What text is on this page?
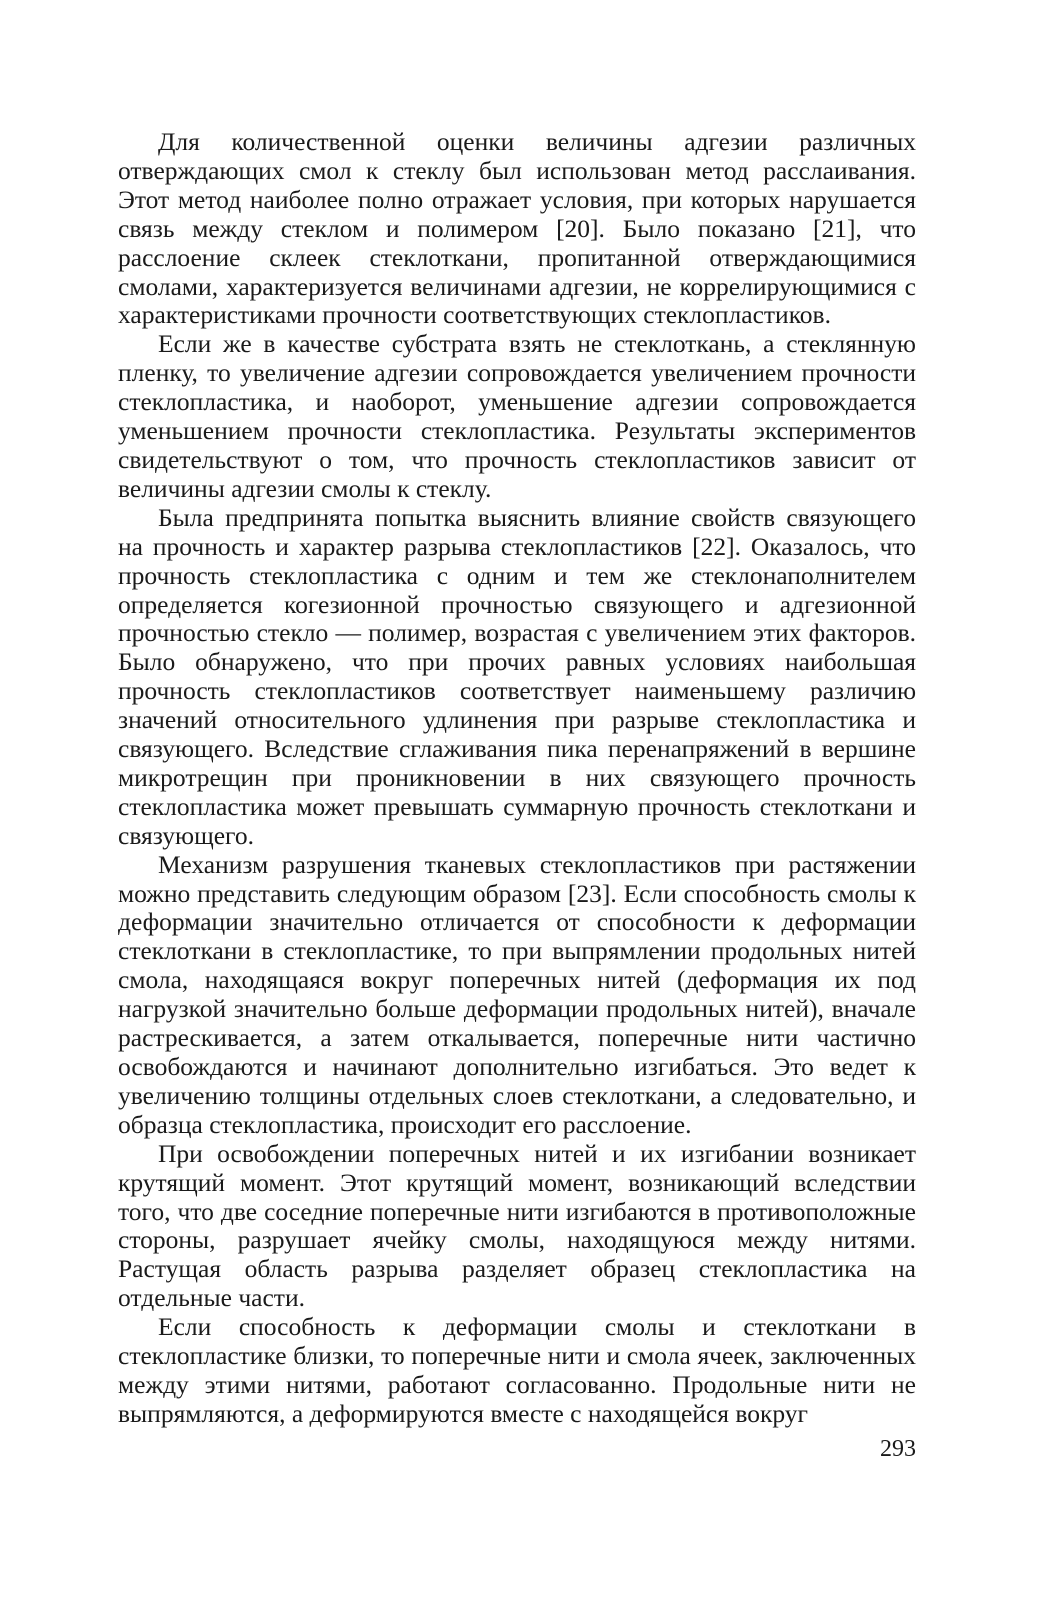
Для количественной оценки величины адгезии различных отверждающих смол к стеклу был использован метод расслаивания. Этот метод наиболее полно отражает условия, при которых нарушается связь между стеклом и полимером [20]. Было показано [21], что расслоение склеек стеклоткани, пропитанной отверждающимися смолами, характеризуется величинами адгезии, не коррелирующимися с характеристиками прочности соответствующих стеклопластиков.

Если же в качестве субстрата взять не стеклоткань, а стеклянную пленку, то увеличение адгезии сопровождается увеличением прочности стеклопластика, и наоборот, уменьшение адгезии сопровождается уменьшением прочности стеклопластика. Результаты экспериментов свидетельствуют о том, что прочность стеклопластиков зависит от величины адгезии смолы к стеклу.

Была предпринята попытка выяснить влияние свойств связующего на прочность и характер разрыва стеклопластиков [22]. Оказалось, что прочность стеклопластика с одним и тем же стеклонаполнителем определяется когезионной прочностью связующего и адгезионной прочностью стекло — полимер, возрастая с увеличением этих факторов. Было обнаружено, что при прочих равных условиях наибольшая прочность стеклопластиков соответствует наименьшему различию значений относительного удлинения при разрыве стеклопластика и связующего. Вследствие сглаживания пика перенапряжений в вершине микротрещин при проникновении в них связующего прочность стеклопластика может превышать суммарную прочность стеклоткани и связующего.

Механизм разрушения тканевых стеклопластиков при растяжении можно представить следующим образом [23]. Если способность смолы к деформации значительно отличается от способности к деформации стеклоткани в стеклопластике, то при выпрямлении продольных нитей смола, находящаяся вокруг поперечных нитей (деформация их под нагрузкой значительно больше деформации продольных нитей), вначале растрескивается, а затем откалывается, поперечные нити частично освобождаются и начинают дополнительно изгибаться. Это ведет к увеличению толщины отдельных слоев стеклоткани, а следовательно, и образца стеклопластика, происходит его расслоение.

При освобождении поперечных нитей и их изгибании возникает крутящий момент. Этот крутящий момент, возникающий вследствии того, что две соседние поперечные нити изгибаются в противоположные стороны, разрушает ячейку смолы, находящуюся между нитями. Растущая область разрыва разделяет образец стеклопластика на отдельные части.

Если способность к деформации смолы и стеклоткани в стеклопластике близки, то поперечные нити и смола ячеек, заключенных между этими нитями, работают согласованно. Продольные нити не выпрямляются, а деформируются вместе с находящейся вокруг

293
